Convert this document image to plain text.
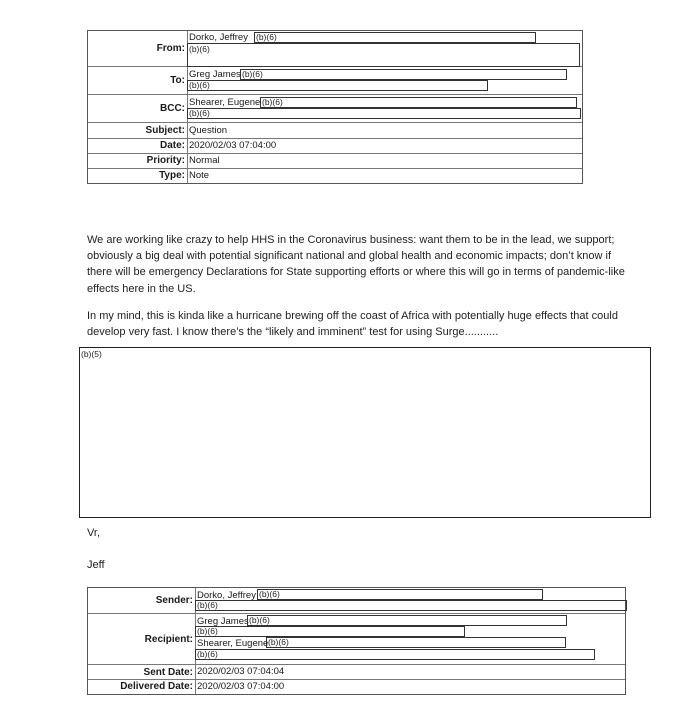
From:
Dorko, Jeffrey (b)(6)
(b)(6)
To:
Greg James (b)(6)
(b)(6)
BCC:
Shearer, Eugene (b)(6)
(b)(6)
Subject: Question
Date: 2020/02/03 07:04:00
Priority: Normal
Type: Note
We are working like crazy to help HHS in the Coronavirus business: want them to be in the lead, we support; obviously a big deal with potential significant national and global health and economic impacts; don’t know if there will be emergency Declarations for State supporting efforts or where this will go in terms of pandemic-like effects here in the US.
In my mind, this is kinda like a hurricane brewing off the coast of Africa with potentially huge effects that could develop very fast. I know there’s the “likely and imminent” test for using Surge...........
(b)(5)
Vr,
Jeff
Sender: Dorko, Jeffrey (b)(6)
(b)(6)
Recipient:
Greg James (b)(6)
(b)(6)
Shearer, Eugene (b)(6)
(b)(6)
Sent Date: 2020/02/03 07:04:04
Delivered Date: 2020/02/03 07:04:00
